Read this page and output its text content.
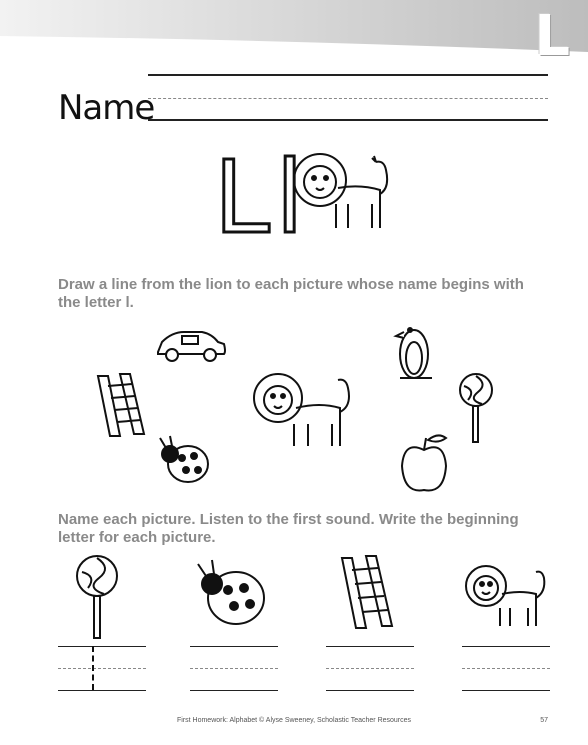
L
Name
Ll
Draw a line from the lion to each picture whose name begins with the letter l.
Name each picture. Listen to the first sound. Write the beginning letter for each picture.
First Homework: Alphabet © Alyse Sweeney, Scholastic Teacher Resources	57
